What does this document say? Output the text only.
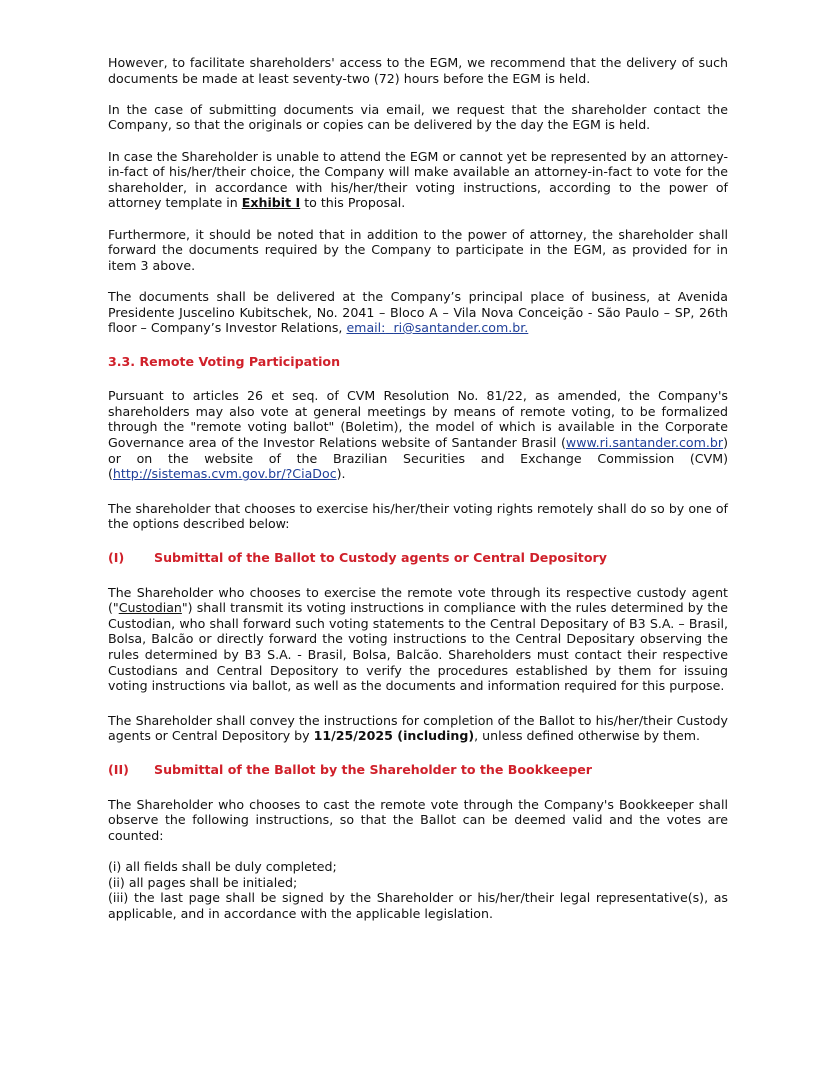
However, to facilitate shareholders' access to the EGM, we recommend that the delivery of such documents be made at least seventy-two (72) hours before the EGM is held.

In the case of submitting documents via email, we request that the shareholder contact the Company, so that the originals or copies can be delivered by the day the EGM is held.

In case the Shareholder is unable to attend the EGM or cannot yet be represented by an attorney-in-fact of his/her/their choice, the Company will make available an attorney-in-fact to vote for the shareholder, in accordance with his/her/their voting instructions, according to the power of attorney template in Exhibit I to this Proposal.

Furthermore, it should be noted that in addition to the power of attorney, the shareholder shall forward the documents required by the Company to participate in the EGM, as provided for in item 3 above.

The documents shall be delivered at the Company’s principal place of business, at Avenida Presidente Juscelino Kubitschek, No. 2041 – Bloco A – Vila Nova Conceição - São Paulo – SP, 26th floor – Company’s Investor Relations, email: ri@santander.com.br.

3.3. Remote Voting Participation

Pursuant to articles 26 et seq. of CVM Resolution No. 81/22, as amended, the Company's shareholders may also vote at general meetings by means of remote voting, to be formalized through the "remote voting ballot" (Boletim), the model of which is available in the Corporate Governance area of the Investor Relations website of Santander Brasil (www.ri.santander.com.br) or on the website of the Brazilian Securities and Exchange Commission (CVM) (http://sistemas.cvm.gov.br/?CiaDoc).

The shareholder that chooses to exercise his/her/their voting rights remotely shall do so by one of the options described below:

(I)	Submittal of the Ballot to Custody agents or Central Depository

The Shareholder who chooses to exercise the remote vote through its respective custody agent ("Custodian") shall transmit its voting instructions in compliance with the rules determined by the Custodian, who shall forward such voting statements to the Central Depositary of B3 S.A. – Brasil, Bolsa, Balcão or directly forward the voting instructions to the Central Depositary observing the rules determined by B3 S.A. - Brasil, Bolsa, Balcão. Shareholders must contact their respective Custodians and Central Depository to verify the procedures established by them for issuing voting instructions via ballot, as well as the documents and information required for this purpose.

The Shareholder shall convey the instructions for completion of the Ballot to his/her/their Custody agents or Central Depository by 11/25/2025 (including), unless defined otherwise by them.

(II)	Submittal of the Ballot by the Shareholder to the Bookkeeper

The Shareholder who chooses to cast the remote vote through the Company's Bookkeeper shall observe the following instructions, so that the Ballot can be deemed valid and the votes are counted:

(i) all fields shall be duly completed;

(ii) all pages shall be initialed;

(iii) the last page shall be signed by the Shareholder or his/her/their legal representative(s), as applicable, and in accordance with the applicable legislation.
